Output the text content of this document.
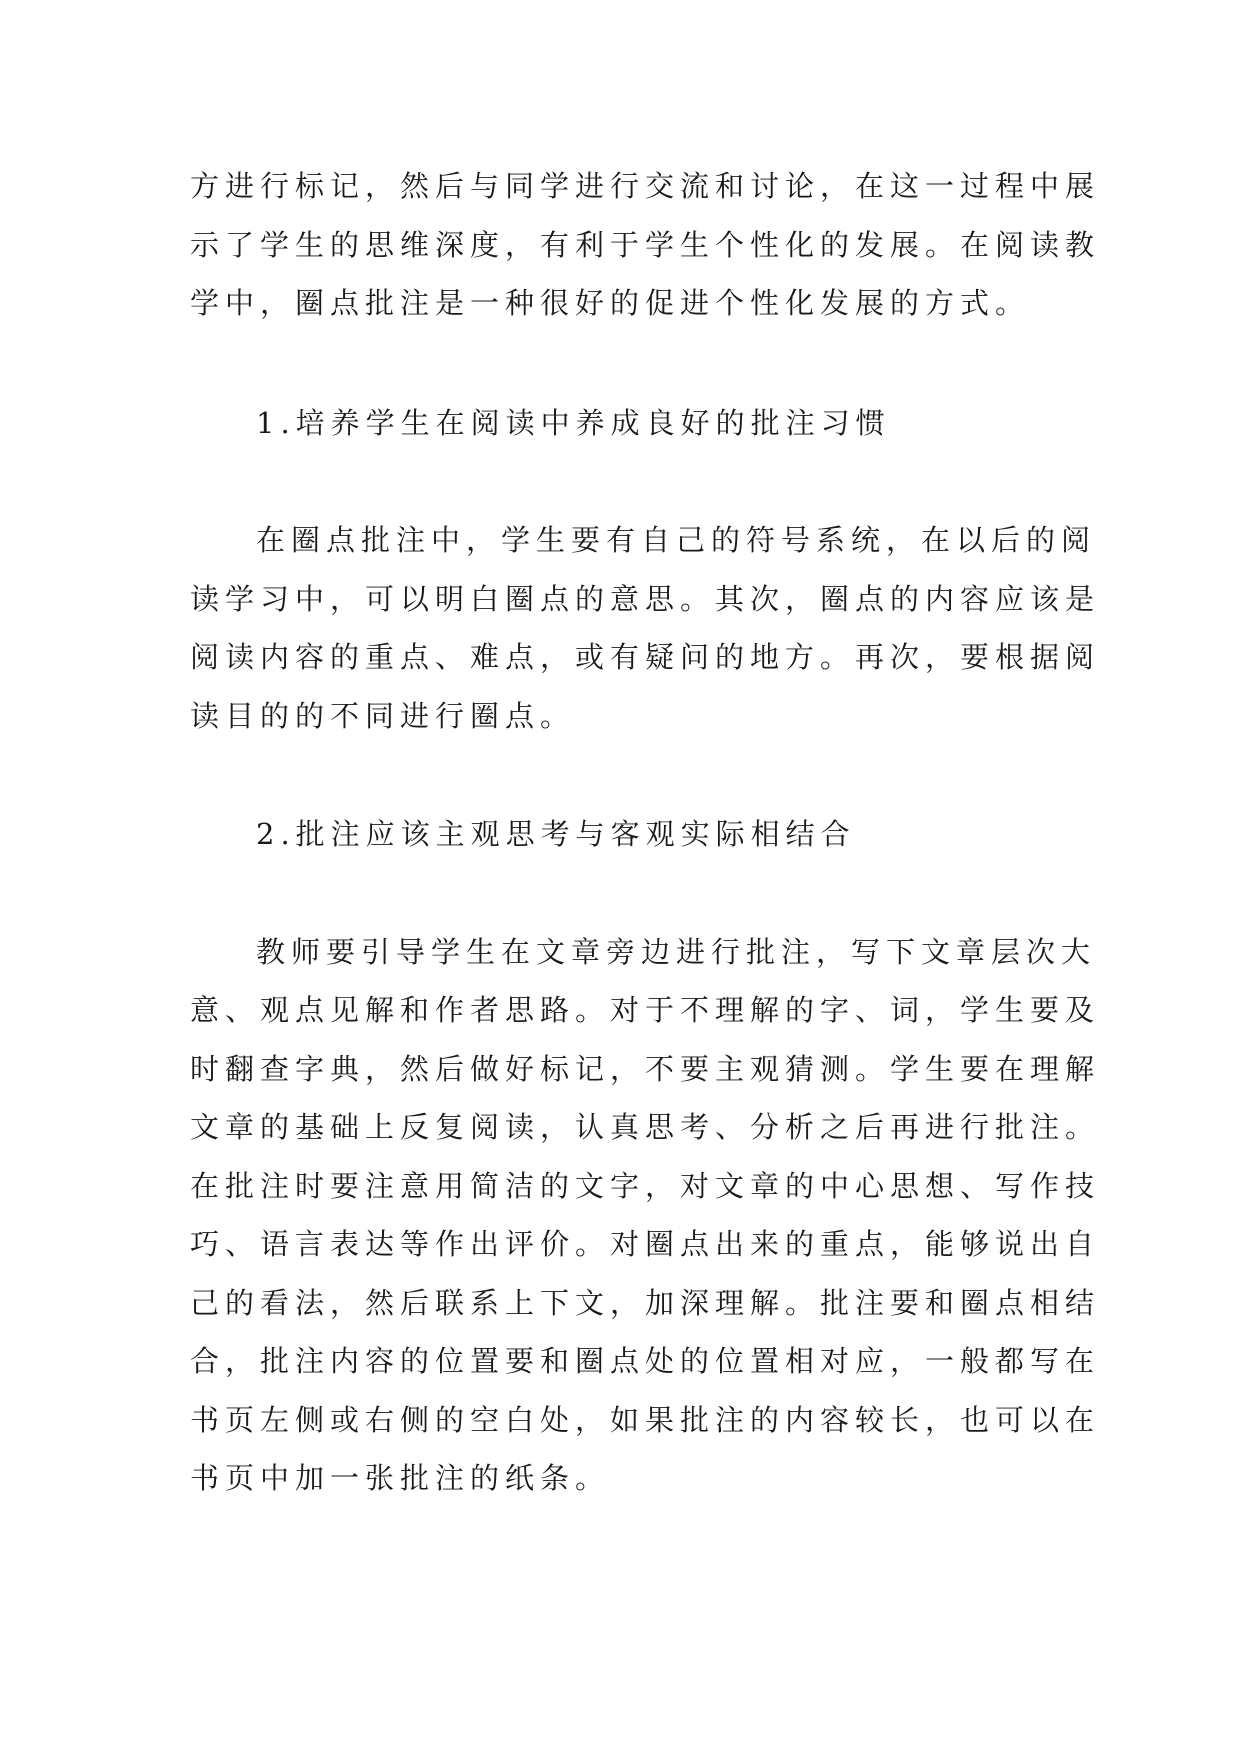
方进行标记，然后与同学进行交流和讨论，在这一过程中展
示了学生的思维深度，有利于学生个性化的发展。在阅读教
学中，圈点批注是一种很好的促进个性化发展的方式。
1.培养学生在阅读中养成良好的批注习惯
在圈点批注中，学生要有自己的符号系统，在以后的阅
读学习中，可以明白圈点的意思。其次，圈点的内容应该是
阅读内容的重点、难点，或有疑问的地方。再次，要根据阅
读目的的不同进行圈点。
2.批注应该主观思考与客观实际相结合
教师要引导学生在文章旁边进行批注，写下文章层次大
意、观点见解和作者思路。对于不理解的字、词，学生要及
时翻查字典，然后做好标记，不要主观猜测。学生要在理解
文章的基础上反复阅读，认真思考、分析之后再进行批注。
在批注时要注意用简洁的文字，对文章的中心思想、写作技
巧、语言表达等作出评价。对圈点出来的重点，能够说出自
己的看法，然后联系上下文，加深理解。批注要和圈点相结
合，批注内容的位置要和圈点处的位置相对应，一般都写在
书页左侧或右侧的空白处，如果批注的内容较长，也可以在
书页中加一张批注的纸条。
